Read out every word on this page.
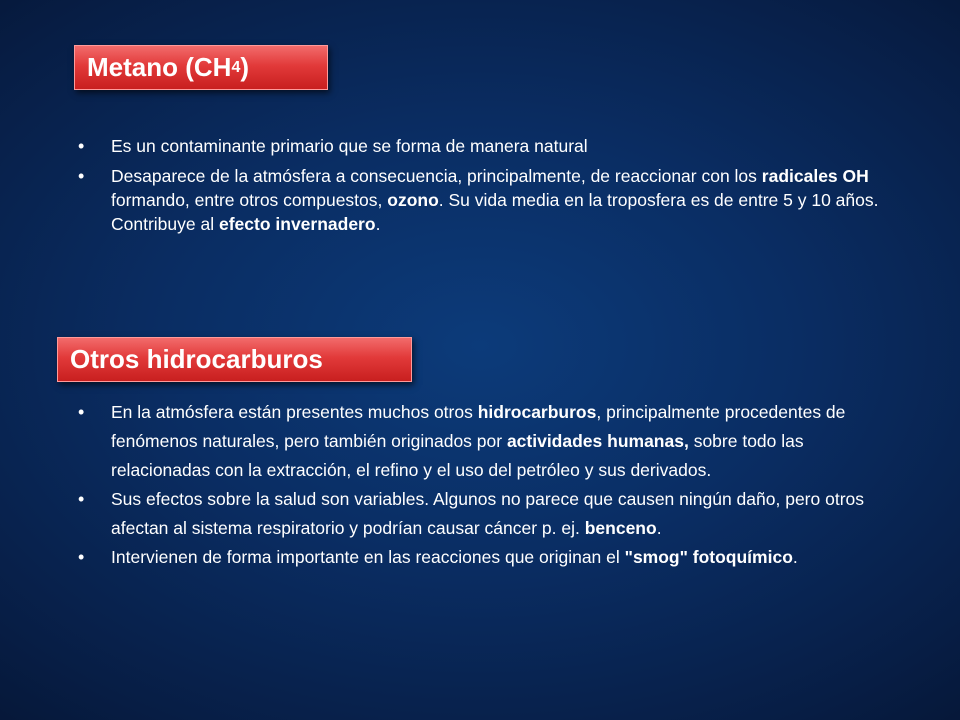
Metano (CH 4 )
• Es un contaminante primario que se forma de manera natural
• Desaparece de la atmósfera a consecuencia, principalmente, de reaccionar con los radicales OH formando, entre otros compuestos, ozono. Su vida media en la troposfera es de entre 5 y 10 años. Contribuye al efecto invernadero.
Otros hidrocarburos
• En la atmósfera están presentes muchos otros hidrocarburos, principalmente procedentes de fenómenos naturales, pero también originados por actividades humanas, sobre todo las relacionadas con la extracción, el refino y el uso del petróleo y sus derivados.
• Sus efectos sobre la salud son variables. Algunos no parece que causen ningún daño, pero otros afectan al sistema respiratorio y podrían causar cáncer p. ej. benceno.
• Intervienen de forma importante en las reacciones que originan el "smog" fotoquímico.
